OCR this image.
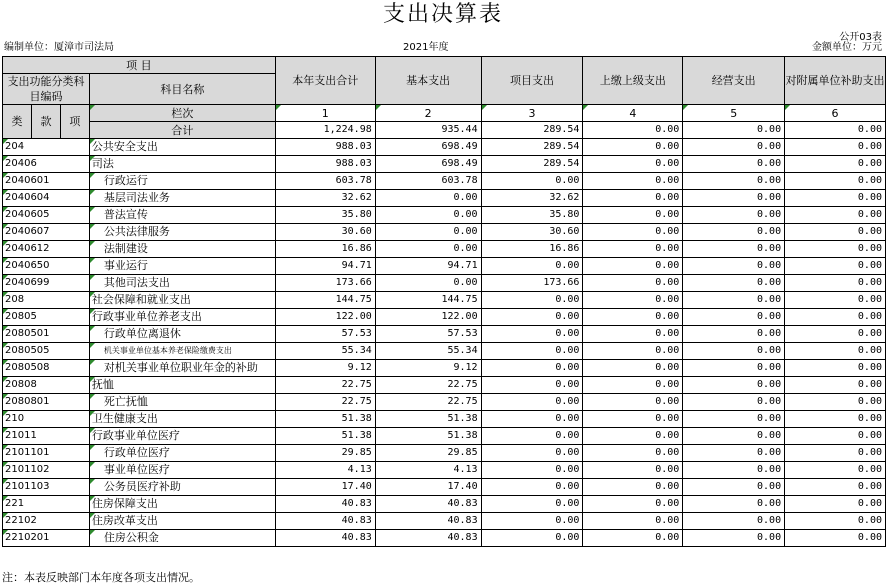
支出决算表
公开03表
编制单位：厦漳市司法局	2021年度	金额单位：万元
项 目				本年支出合计	基本支出	项目支出	上缴上级支出	经营支出	对附属单位补助支出
支出功能分类科目编码			科目名称						
类	款	项	栏次	1	2	3	4	5	6
			合计	1,224.98	935.44	289.54	0.00	0.00	0.00
204			公共安全支出	988.03	698.49	289.54	0.00	0.00	0.00
20406			司法	988.03	698.49	289.54	0.00	0.00	0.00
2040601			行政运行	603.78	603.78	0.00	0.00	0.00	0.00
2040604			基层司法业务	32.62	0.00	32.62	0.00	0.00	0.00
2040605			普法宣传	35.80	0.00	35.80	0.00	0.00	0.00
2040607			公共法律服务	30.60	0.00	30.60	0.00	0.00	0.00
2040612			法制建设	16.86	0.00	16.86	0.00	0.00	0.00
2040650			事业运行	94.71	94.71	0.00	0.00	0.00	0.00
2040699			其他司法支出	173.66	0.00	173.66	0.00	0.00	0.00
208			社会保障和就业支出	144.75	144.75	0.00	0.00	0.00	0.00
20805			行政事业单位养老支出	122.00	122.00	0.00	0.00	0.00	0.00
2080501			行政单位离退休	57.53	57.53	0.00	0.00	0.00	0.00
2080505			机关事业单位基本养老保险缴费支出	55.34	55.34	0.00	0.00	0.00	0.00
2080508			对机关事业单位职业年金的补助	9.12	9.12	0.00	0.00	0.00	0.00
20808			抚恤	22.75	22.75	0.00	0.00	0.00	0.00
2080801			死亡抚恤	22.75	22.75	0.00	0.00	0.00	0.00
210			卫生健康支出	51.38	51.38	0.00	0.00	0.00	0.00
21011			行政事业单位医疗	51.38	51.38	0.00	0.00	0.00	0.00
2101101			行政单位医疗	29.85	29.85	0.00	0.00	0.00	0.00
2101102			事业单位医疗	4.13	4.13	0.00	0.00	0.00	0.00
2101103			公务员医疗补助	17.40	17.40	0.00	0.00	0.00	0.00
221			住房保障支出	40.83	40.83	0.00	0.00	0.00	0.00
22102			住房改革支出	40.83	40.83	0.00	0.00	0.00	0.00
2210201			住房公积金	40.83	40.83	0.00	0.00	0.00	0.00
注：本表反映部门本年度各项支出情况。
